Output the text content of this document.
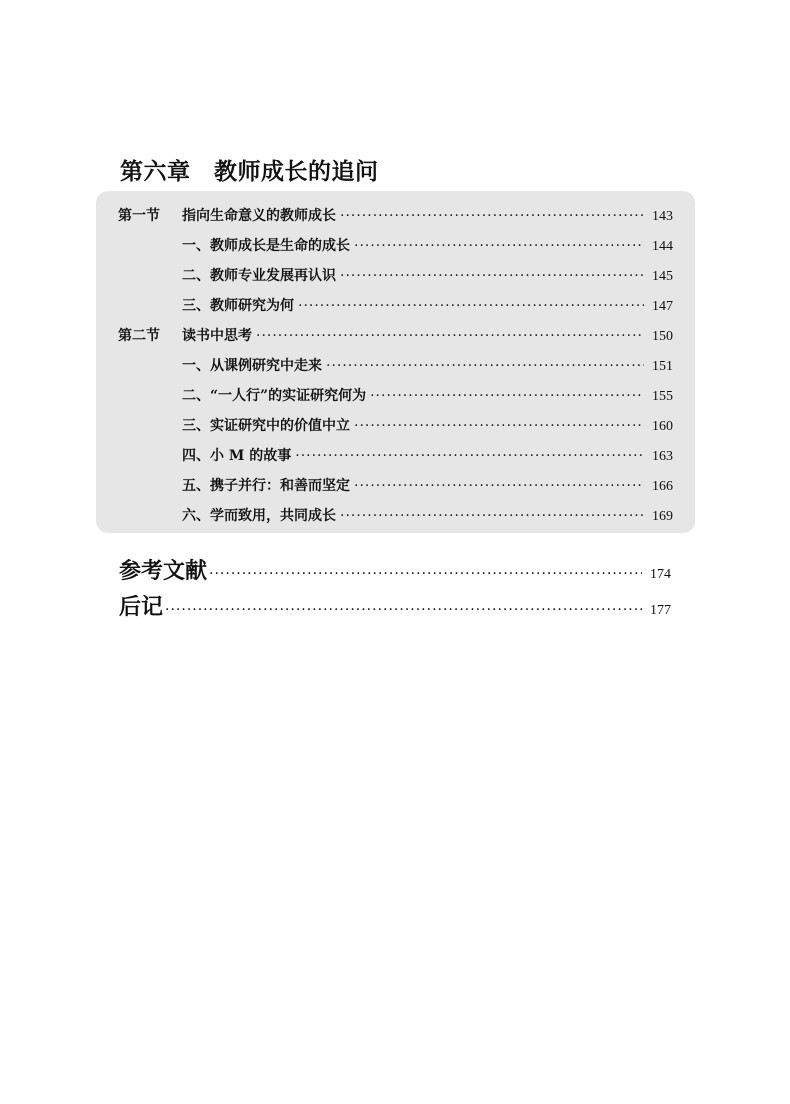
第六章　教师成长的追问
第一节 指向生命意义的教师成长 ·····	143
一、教师成长是生命的成长 ·····	144
二、教师专业发展再认识 ·····	145
三、教师研究为何 ·····	147
第二节 读书中思考 ·····	150
一、从课例研究中走来 ·····	151
二、“一人行”的实证研究何为 ·····	155
三、实证研究中的价值中立 ·····	160
四、小 M 的故事 ·····	163
五、携子并行：和善而坚定 ·····	166
六、学而致用，共同成长 ·····	169
参考文献 ·····	174
后记 ·····	177
